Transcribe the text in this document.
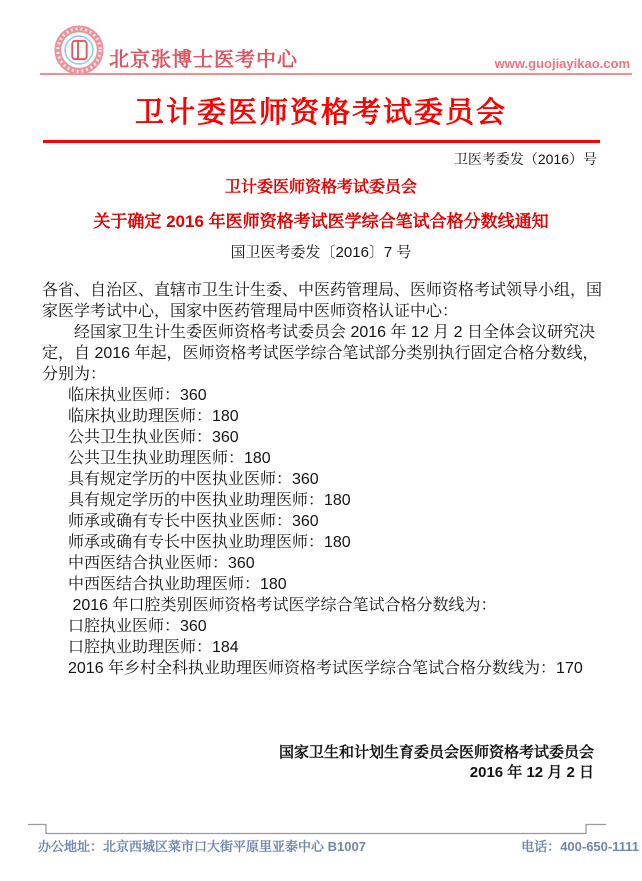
北京张博士医考中心	www.guojiayikao.com
卫计委医师资格考试委员会
卫医考委发（2016）号
卫计委医师资格考试委员会
关于确定 2016 年医师资格考试医学综合笔试合格分数线通知
国卫医考委发〔2016〕7 号

各省、自治区、直辖市卫生计生委、中医药管理局、医师资格考试领导小组，国家医学考试中心，国家中医药管理局中医师资格认证中心：

经国家卫生计生委医师资格考试委员会 2016 年 12 月 2 日全体会议研究决定，自 2016 年起，医师资格考试医学综合笔试部分类别执行固定合格分数线，分别为：

临床执业医师：360
临床执业助理医师：180
公共卫生执业医师：360
公共卫生执业助理医师：180
具有规定学历的中医执业医师：360
具有规定学历的中医执业助理医师：180
师承或确有专长中医执业医师：360
师承或确有专长中医执业助理医师：180
中西医结合执业医师：360
中西医结合执业助理医师：180
2016 年口腔类别医师资格考试医学综合笔试合格分数线为：
口腔执业医师：360
口腔执业助理医师：184
2016 年乡村全科执业助理医师资格考试医学综合笔试合格分数线为：170
国家卫生和计划生育委员会医师资格考试委员会
2016 年 12 月 2 日
办公地址：北京西城区菜市口大街平原里亚泰中心 B1007	电话：400-650-1111
